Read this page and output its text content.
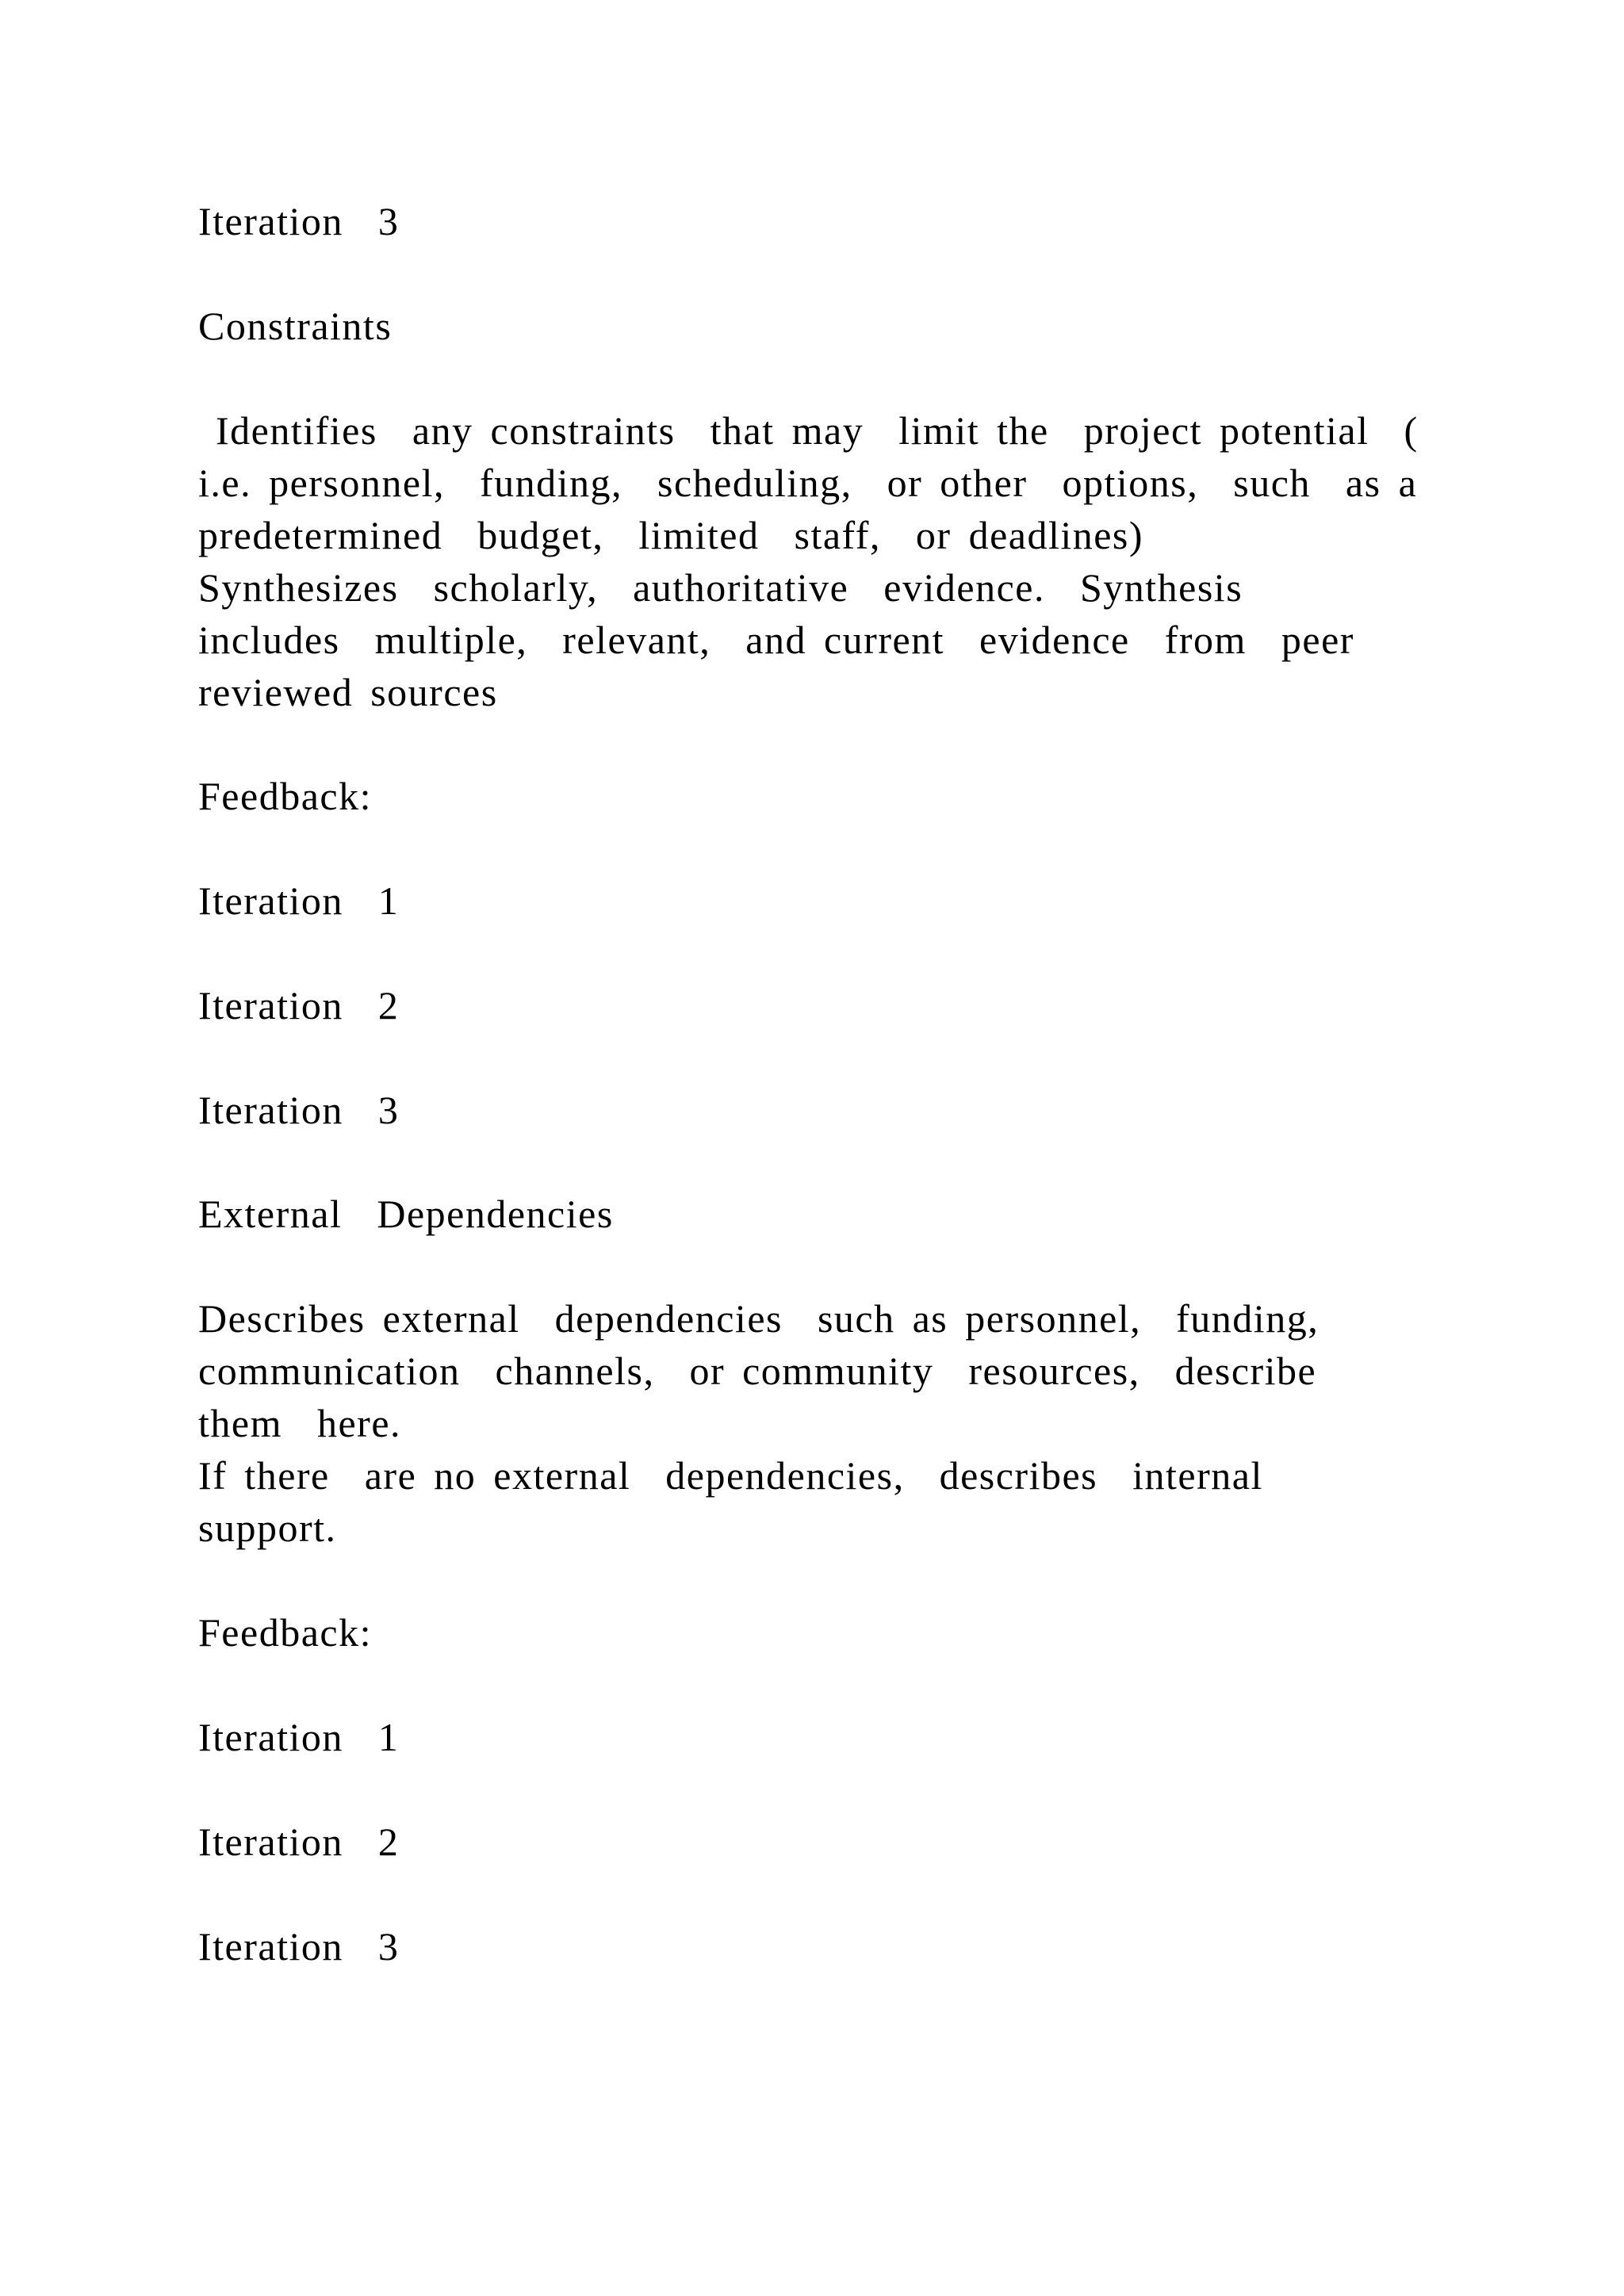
Iteration  3
Constraints
Identifies  any constraints  that may  limit the  project potential  (
i.e. personnel,  funding,  scheduling,  or other  options,  such  as a
predetermined  budget,  limited  staff,  or deadlines)
Synthesizes  scholarly,  authoritative  evidence.  Synthesis
includes  multiple,  relevant,  and current  evidence  from  peer
reviewed sources
Feedback:
Iteration  1
Iteration  2
Iteration  3
External  Dependencies
Describes external  dependencies  such as personnel,  funding,
communication  channels,  or community  resources,  describe
them  here.
If there  are no external  dependencies,  describes  internal
support.
Feedback:
Iteration  1
Iteration  2
Iteration  3
